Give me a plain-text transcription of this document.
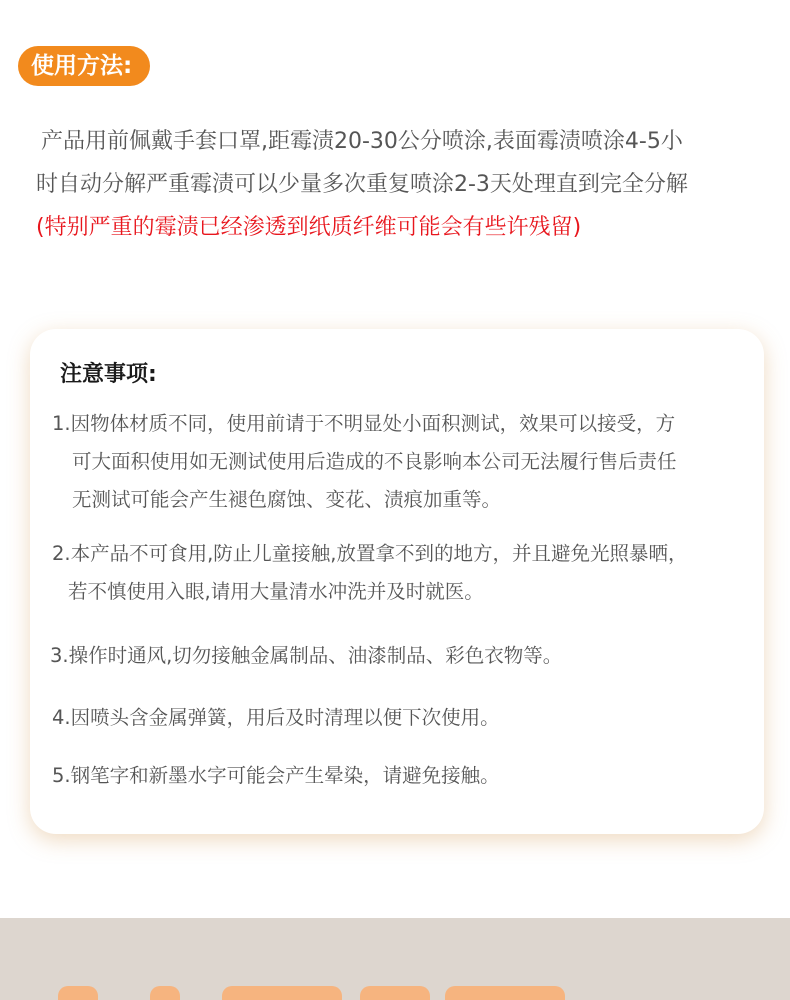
使用方法:
产品用前佩戴手套口罩,距霉渍20-30公分喷涂,表面霉渍喷涂4-5小
时自动分解严重霉渍可以少量多次重复喷涂2-3天处理直到完全分解
(特别严重的霉渍已经渗透到纸质纤维可能会有些许残留)
注意事项:
1.因物体材质不同，使用前请于不明显处小面积测试，效果可以接受，方
可大面积使用如无测试使用后造成的不良影响本公司无法履行售后责任
无测试可能会产生褪色腐蚀、变花、渍痕加重等。
2.本产品不可食用,防止儿童接触,放置拿不到的地方，并且避免光照暴晒，
若不慎使用入眼,请用大量清水冲洗并及时就医。
3.操作时通风,切勿接触金属制品、油漆制品、彩色衣物等。
4.因喷头含金属弹簧，用后及时清理以便下次使用。
5.钢笔字和新墨水字可能会产生晕染，请避免接触。
